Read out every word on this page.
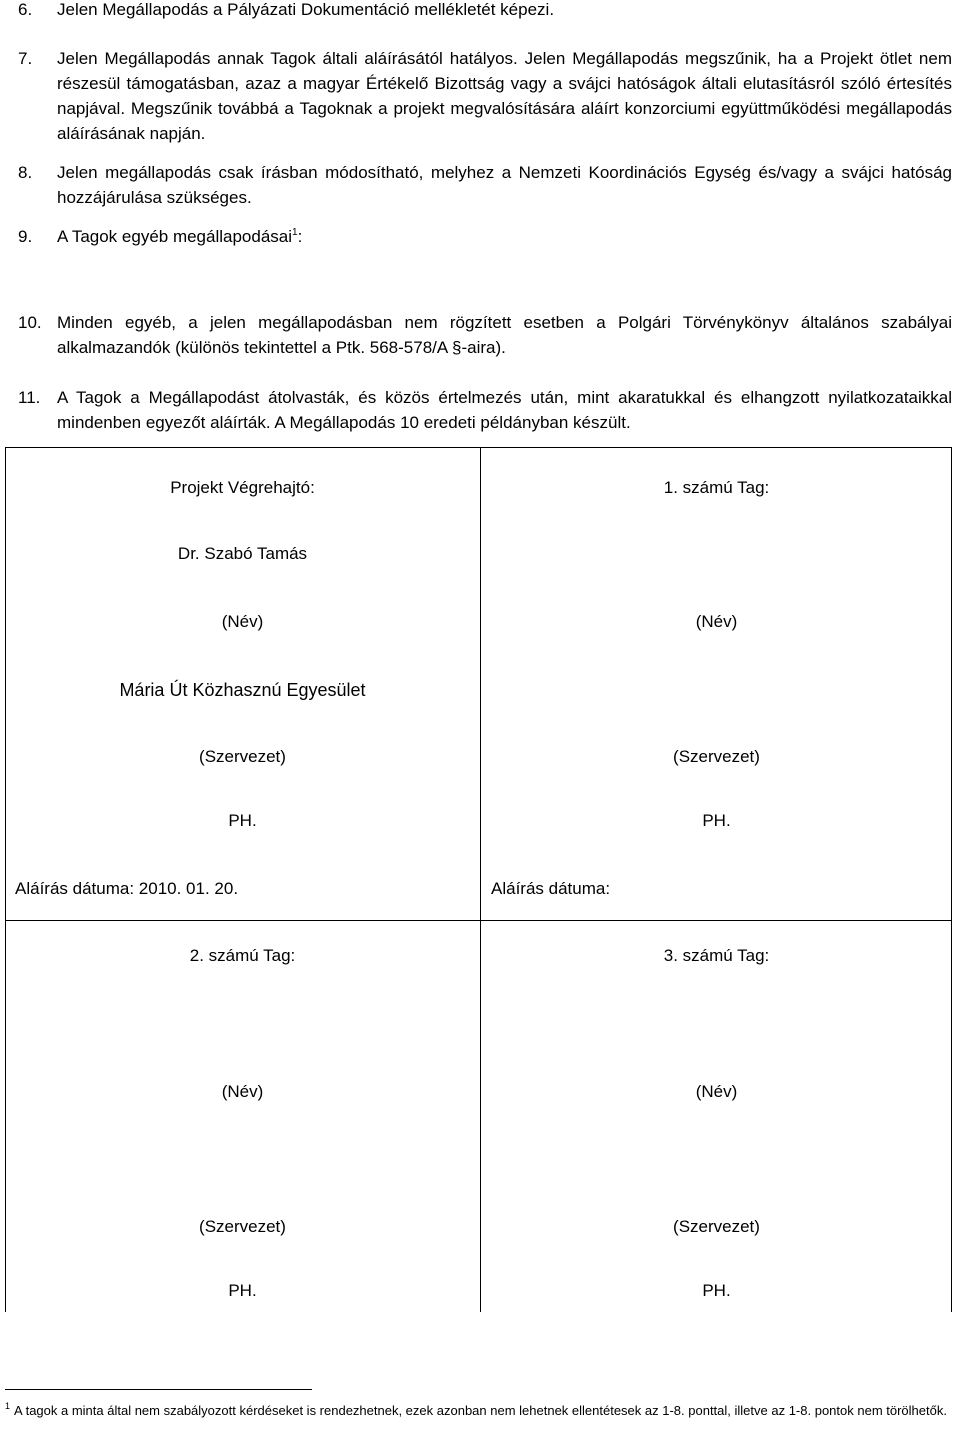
6. Jelen Megállapodás a Pályázati Dokumentáció mellékletét képezi.
7. Jelen Megállapodás annak Tagok általi aláírásától hatályos. Jelen Megállapodás megszűnik, ha a Projekt ötlet nem részesül támogatásban, azaz a magyar Értékelő Bizottság vagy a svájci hatóságok általi elutasításról szóló értesítés napjával. Megszűnik továbbá a Tagoknak a projekt megvalósítására aláírt konzorciumi együttműködési megállapodás aláírásának napján.
8. Jelen megállapodás csak írásban módosítható, melyhez a Nemzeti Koordinációs Egység és/vagy a svájci hatóság hozzájárulása szükséges.
9. A Tagok egyéb megállapodásai$^1$:
10. Minden egyéb, a jelen megállapodásban nem rögzített esetben a Polgári Törvénykönyv általános szabályai alkalmazandók (különös tekintettel a Ptk. 568-578/A §-aira).
11. A Tagok a Megállapodást átolvasták, és közös értelmezés után, mint akaratukkal és elhangzott nyilatkozataikkal mindenben egyezőt aláírták. A Megállapodás 10 eredeti példányban készült.
Projekt Végrehajtó:
Dr. Szabó Tamás
(Név)
Mária Út Közhasznú Egyesület
(Szervezet)
PH.
Aláírás dátuma: 2010. 01. 20.
1. számú Tag:
(Név)
(Szervezet)
PH.
Aláírás dátuma:
2. számú Tag:
(Név)
(Szervezet)
PH.
3. számú Tag:
(Név)
(Szervezet)
PH.
$^1$ A tagok a minta által nem szabályozott kérdéseket is rendezhetnek, ezek azonban nem lehetnek ellentétesek az 1-8. ponttal, illetve az 1-8. pontok nem törölhetők.
